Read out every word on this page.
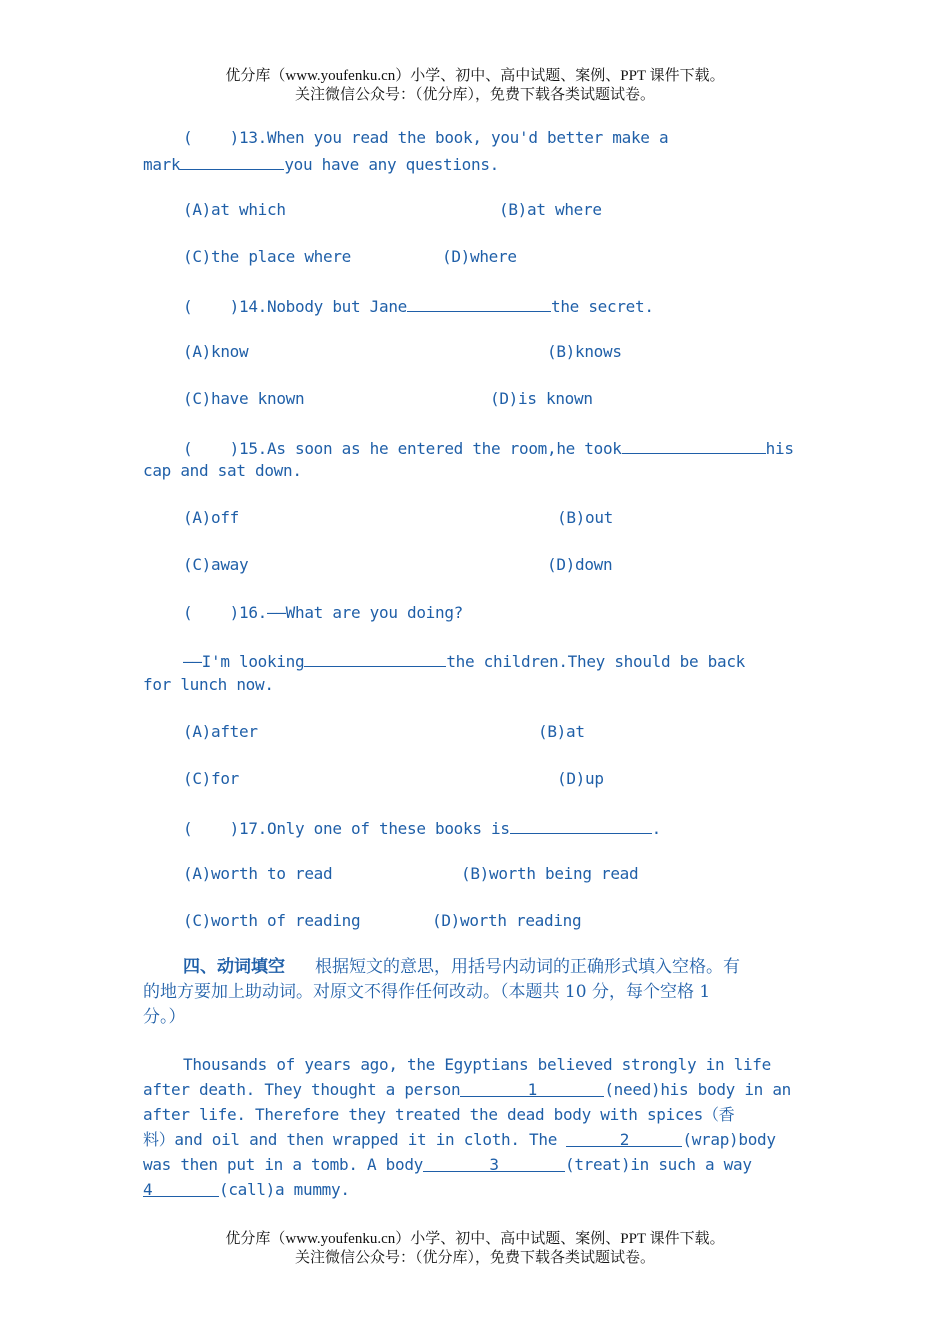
优分库（www.youfenku.cn）小学、初中、高中试题、案例、PPT 课件下载。
关注微信公众号：（优分库），免费下载各类试题试卷。
(    )13.When you read the book, you'd better make a
mark	you have any questions.
(A)at which	(B)at where
(C)the place where	(D)where
(    )14.Nobody but Jane	the secret.
(A)know	(B)knows
(C)have known	(D)is known
(    )15.As soon as he entered the room,he took	his
cap and sat down.
(A)off	(B)out
(C)away	(D)down
(    )16.——What are you doing?
——I'm looking	the children.They should be back
for lunch now.
(A)after	(B)at
(C)for	(D)up
(    )17.Only one of these books is	.
(A)worth to read	(B)worth being read
(C)worth of reading	(D)worth reading
四、动词填空 根据短文的意思，用括号内动词的正确形式填入空格。有
的地方要加上助动词。对原文不得作任何改动。（本题共 10 分，每个空格 1
分。）
Thousands of years ago, the Egyptians believed strongly in life
after death. They thought a person	1	(need)his body in an
after life. Therefore they treated the dead body with spices（香
料）and oil and then wrapped it in cloth. The	2	(wrap)body
was then put in a tomb. A body	3	(treat)in such a way
4	(call)a mummy.
优分库（www.youfenku.cn）小学、初中、高中试题、案例、PPT 课件下载。
关注微信公众号：（优分库），免费下载各类试题试卷。
